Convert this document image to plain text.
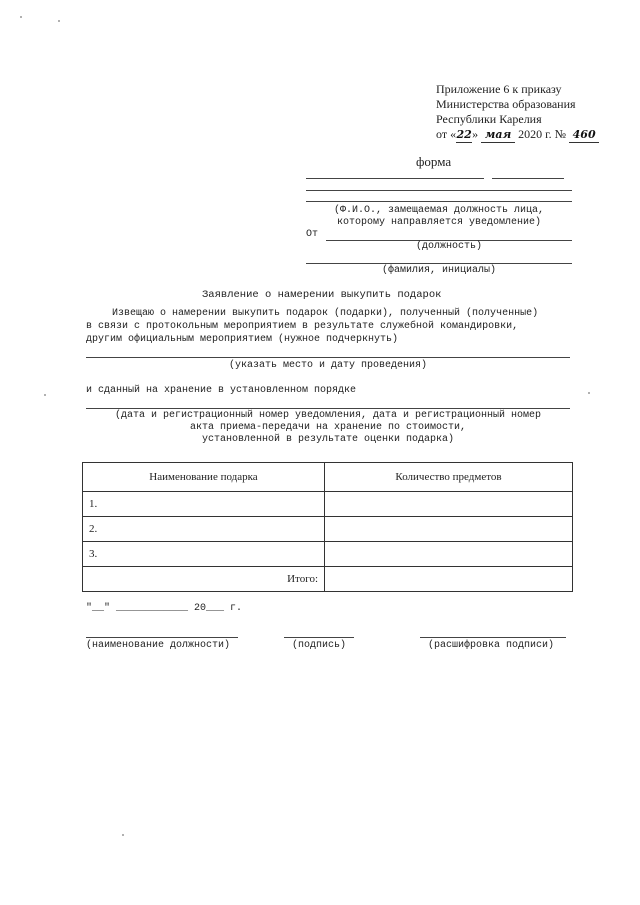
Приложение 6 к приказу
Министерства образования
Республики Карелия
от «22» мая 2020 г. № 460
форма
(Ф.И.О., замещаемая должность лица,
которому направляется уведомление)
От
(должность)
(фамилия, инициалы)
Заявление о намерении выкупить подарок
Извещаю о намерении выкупить подарок (подарки), полученный (полученные)
в связи с протокольным мероприятием в результате служебной командировки,
другим официальным мероприятием (нужное подчеркнуть)
(указать место и дату проведения)
и сданный на хранение в установленном порядке
(дата и регистрационный номер уведомления, дата и регистрационный номер
акта приема-передачи на хранение по стоимости,
установленной в результате оценки подарка)
Наименование подарка	Количество предметов
1.	
2.	
3.	
Итого:	
"__" ____________ 20___ г.
(наименование должности)	(подпись)	(расшифровка подписи)
